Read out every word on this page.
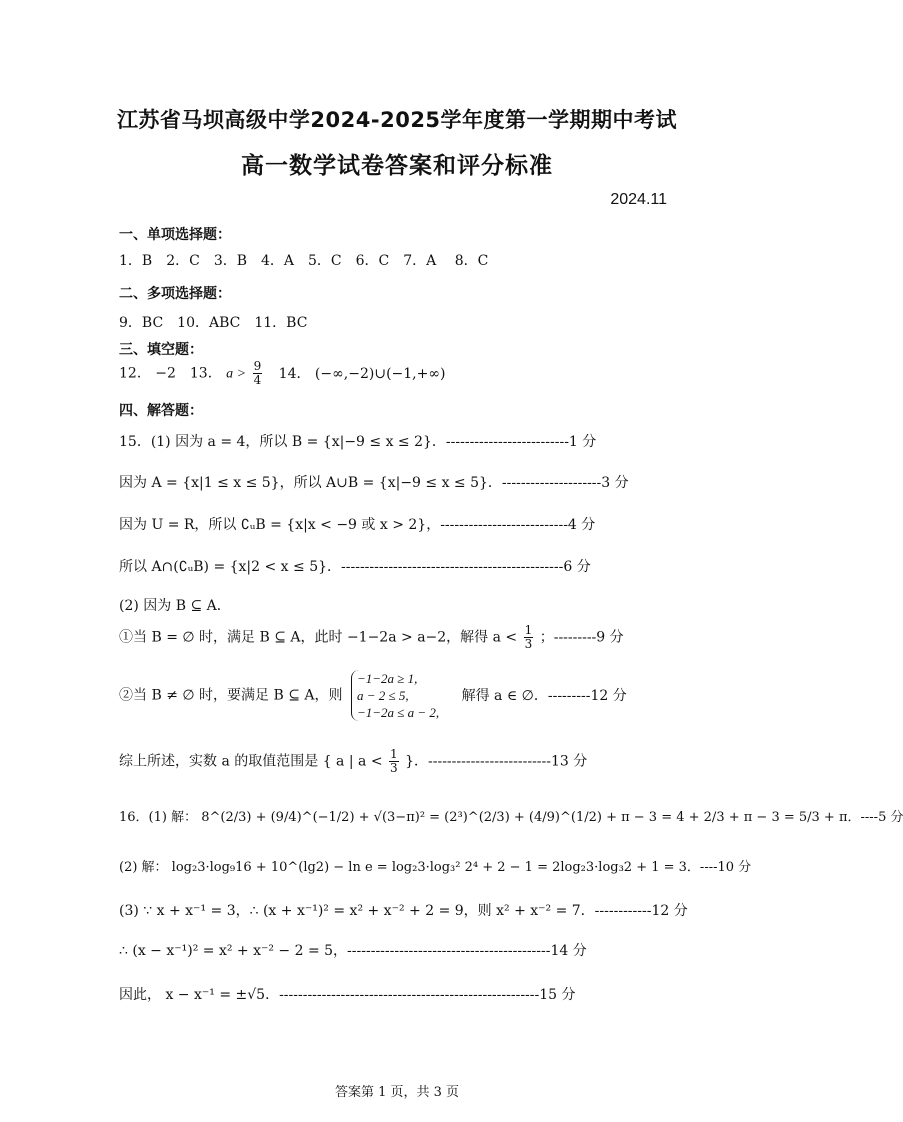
江苏省马坝高级中学2024-2025学年度第一学期期中考试
高一数学试卷答案和评分标准
2024.11
一、单项选择题：
1．B　2．C　3．B　4．A　5．C　6．C　7．A　 8．C
二、多项选择题：
9．BC　10．ABC　11．BC
三、填空题：
12． −2　13． $a > \frac{9}{4} 14$． (−∞,−2)∪(−1,+∞)
四、解答题：
15．(1) 因为 a = 4，所以 B = {x|−9 ≤ x ≤ 2}．--------------------------1 分
因为 A = {x|1 ≤ x ≤ 5}，所以 A∪B = {x|−9 ≤ x ≤ 5}．---------------------3 分
因为 U = R，所以 ∁ᵤB = {x|x < −9 或 x > 2}，---------------------------4 分
所以 A∩(∁ᵤB) = {x|2 < x ≤ 5}．-----------------------------------------------6 分
(2) 因为 B ⊆ A．
①当 B = ∅ 时，满足 B ⊆ A，此时 −1−2a > a−2，解得 $a < \frac{1}{3}$ ；---------9 分
②当 B ≠ ∅ 时，要满足 B ⊆ A，则
−1−2a ≥ 1,
a − 2 ≤ 5,
−1−2a ≤ a − 2,
解得 a ∈ ∅．---------12 分
综上所述，实数 a 的取值范围是 { a | $a < \frac{1}{3}$ }．--------------------------13 分
16．(1) 解： 8^(2/3) + (9/4)^(−1/2) + √(3−π)² = (2³)^(2/3) + (4/9)^(1/2) + π − 3 = 4 + 2/3 + π − 3 = 5/3 + π．----5 分
(2) 解： log₂3·log₉16 + 10^(lg2) − ln e = log₂3·log₃² 2⁴ + 2 − 1 = 2log₂3·log₃2 + 1 = 3．----10 分
(3) ∵ x + x⁻¹ = 3，∴ (x + x⁻¹)² = x² + x⁻² + 2 = 9，则 x² + x⁻² = 7．------------12 分
∴ (x − x⁻¹)² = x² + x⁻² − 2 = 5，-------------------------------------------14 分
因此， x − x⁻¹ = ±√5．-------------------------------------------------------15 分
答案第 1 页，共 3 页
